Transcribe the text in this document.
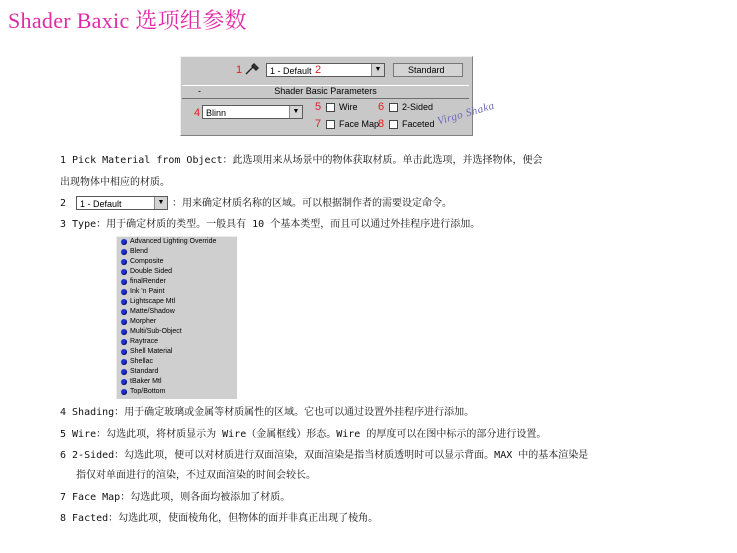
Shader Baxic 选项组参数
1	1 - Default	▼
2	Standard
-	Shader Basic Parameters
4 Blinn	▼ 5 Wire 6 2-Sided
7 Face Map
8 Faceted Virgo Shaka
1 Pick Material from Object：此选项用来从场景中的物体获取材质。单击此选项，并选择物体，便会
出现物体中相应的材质。
2	1 - Default	▼ ：用来确定材质名称的区域。可以根据制作者的需要设定命令。
3 Type：用于确定材质的类型。一般具有 10 个基本类型，而且可以通过外挂程序进行添加。
Advanced Lighting Override
Blend
Composite
Double Sided
finalRender
Ink 'n Paint
Lightscape Mtl
Matte/Shadow
Morpher
Multi/Sub-Object
Raytrace
Shell Material
Shellac
Standard
tBaker Mtl
Top/Bottom
4 Shading：用于确定玻璃或金属等材质属性的区域。它也可以通过设置外挂程序进行添加。
5 Wire：勾选此项，将材质显示为 Wire（金属框线）形态。Wire 的厚度可以在图中标示的部分进行设置。
6 2-Sided：勾选此项，便可以对材质进行双面渲染，双面渲染是指当材质透明时可以显示背面。MAX 中的基本渲染是
指仅对单面进行的渲染，不过双面渲染的时间会较长。
7 Face Map：勾选此项，则各面均被添加了材质。
8 Facted：勾选此项，使面棱角化，但物体的面并非真正出现了棱角。
